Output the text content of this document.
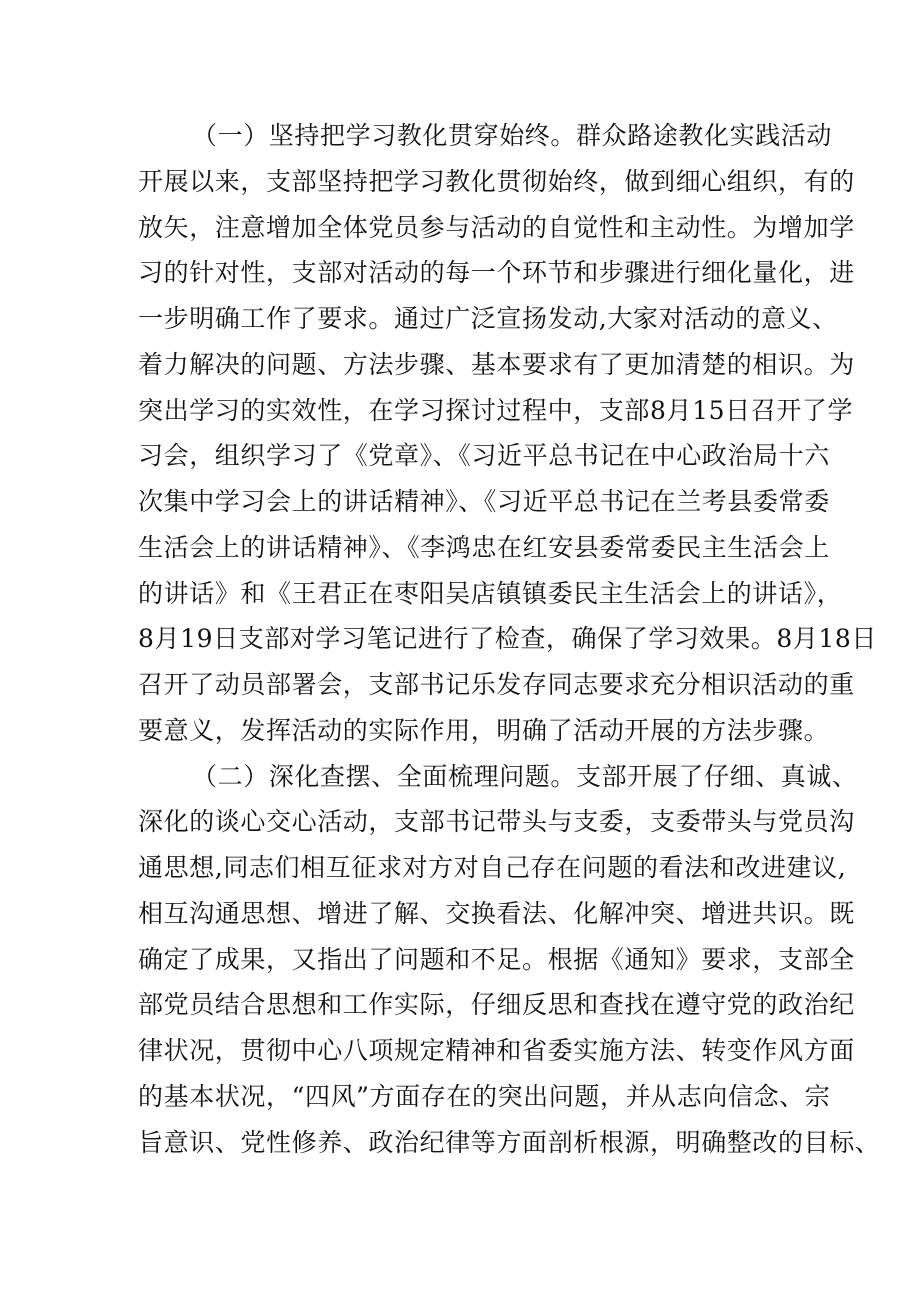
（一）坚持把学习教化贯穿始终。群众路途教化实践活动
开展以来，支部坚持把学习教化贯彻始终，做到细心组织，有的
放矢，注意增加全体党员参与活动的自觉性和主动性。为增加学
习的针对性，支部对活动的每一个环节和步骤进行细化量化，进
一步明确工作了要求。通过广泛宣扬发动,大家对活动的意义、
着力解决的问题、方法步骤、基本要求有了更加清楚的相识。为
突出学习的实效性，在学习探讨过程中，支部8月15日召开了学
习会，组织学习了《党章》、《习近平总书记在中心政治局十六
次集中学习会上的讲话精神》、《习近平总书记在兰考县委常委
生活会上的讲话精神》、《李鸿忠在红安县委常委民主生活会上
的讲话》和《王君正在枣阳吴店镇镇委民主生活会上的讲话》，
8月19日支部对学习笔记进行了检查，确保了学习效果。8月18日
召开了动员部署会，支部书记乐发存同志要求充分相识活动的重
要意义，发挥活动的实际作用，明确了活动开展的方法步骤。
（二）深化查摆、全面梳理问题。支部开展了仔细、真诚、
深化的谈心交心活动，支部书记带头与支委，支委带头与党员沟
通思想,同志们相互征求对方对自己存在问题的看法和改进建议,
相互沟通思想、增进了解、交换看法、化解冲突、增进共识。既
确定了成果，又指出了问题和不足。根据《通知》要求，支部全
部党员结合思想和工作实际，仔细反思和查找在遵守党的政治纪
律状况，贯彻中心八项规定精神和省委实施方法、转变作风方面
的基本状况，“四风”方面存在的突出问题，并从志向信念、宗
旨意识、党性修养、政治纪律等方面剖析根源，明确整改的目标、
